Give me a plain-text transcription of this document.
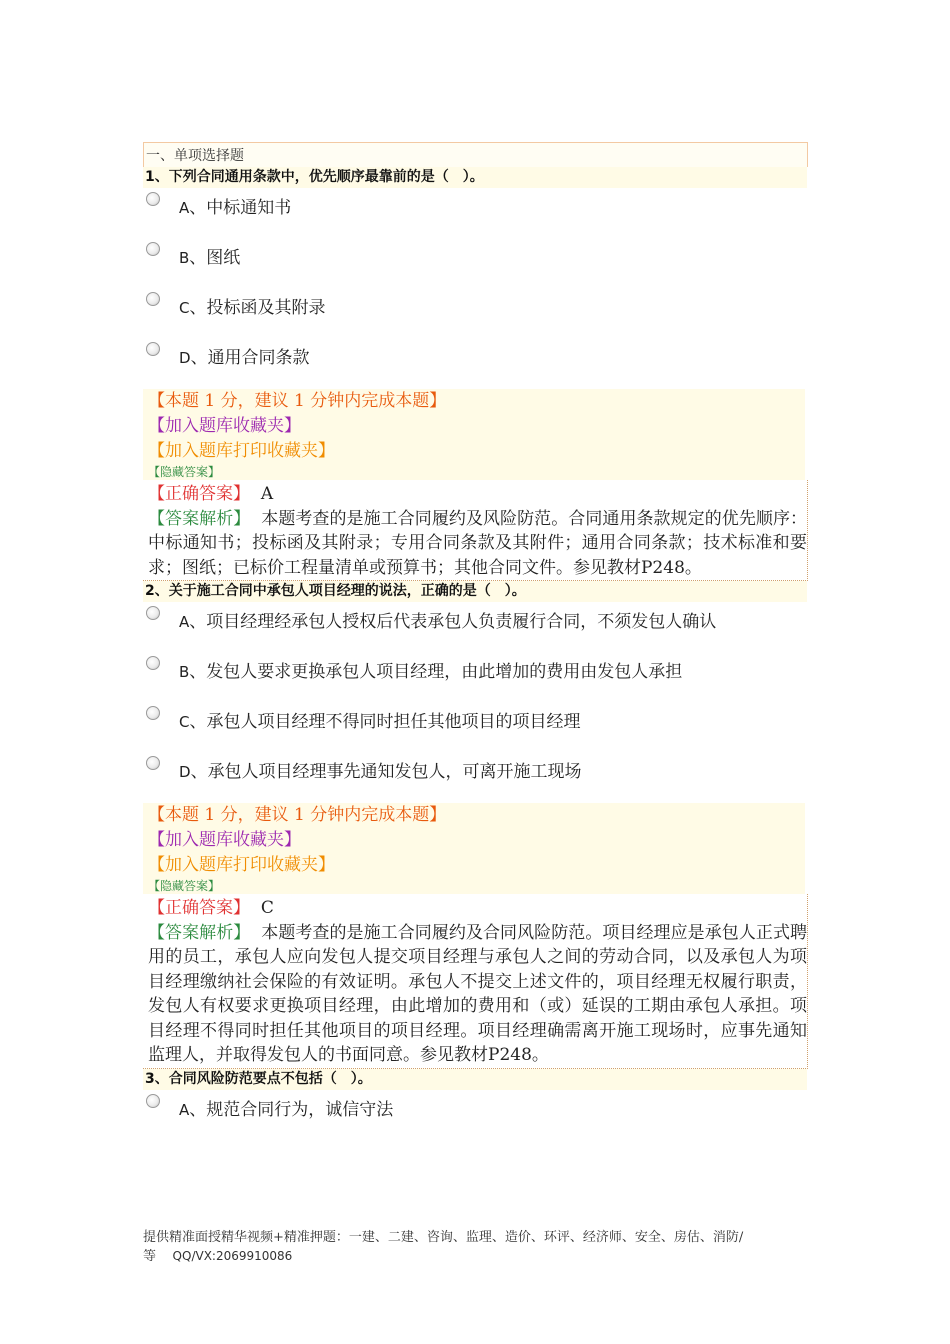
一、单项选择题
1、下列合同通用条款中，优先顺序最靠前的是（　）。
A、中标通知书
B、图纸
C、投标函及其附录
D、通用合同条款
【本题 1 分，建议 1 分钟内完成本题】
【加入题库收藏夹】
【加入题库打印收藏夹】
【隐藏答案】
【正确答案】 A
【答案解析】 本题考查的是施工合同履约及风险防范。合同通用条款规定的优先顺序：中标通知书；投标函及其附录；专用合同条款及其附件；通用合同条款；技术标准和要求；图纸；已标价工程量清单或预算书；其他合同文件。参见教材P248。
2、关于施工合同中承包人项目经理的说法，正确的是（　）。
A、项目经理经承包人授权后代表承包人负责履行合同，不须发包人确认
B、发包人要求更换承包人项目经理，由此增加的费用由发包人承担
C、承包人项目经理不得同时担任其他项目的项目经理
D、承包人项目经理事先通知发包人，可离开施工现场
【本题 1 分，建议 1 分钟内完成本题】
【加入题库收藏夹】
【加入题库打印收藏夹】
【隐藏答案】
【正确答案】 C
【答案解析】 本题考查的是施工合同履约及合同风险防范。项目经理应是承包人正式聘用的员工，承包人应向发包人提交项目经理与承包人之间的劳动合同，以及承包人为项目经理缴纳社会保险的有效证明。承包人不提交上述文件的，项目经理无权履行职责，发包人有权要求更换项目经理，由此增加的费用和（或）延误的工期由承包人承担。项目经理不得同时担任其他项目的项目经理。项目经理确需离开施工现场时，应事先通知监理人，并取得发包人的书面同意。参见教材P248。
3、合同风险防范要点不包括（　）。
A、规范合同行为，诚信守法
提供精准面授精华视频+精准押题：一建、二建、咨询、监理、造价、环评、经济师、安全、房估、消防/
等 QQ/VX:2069910086
